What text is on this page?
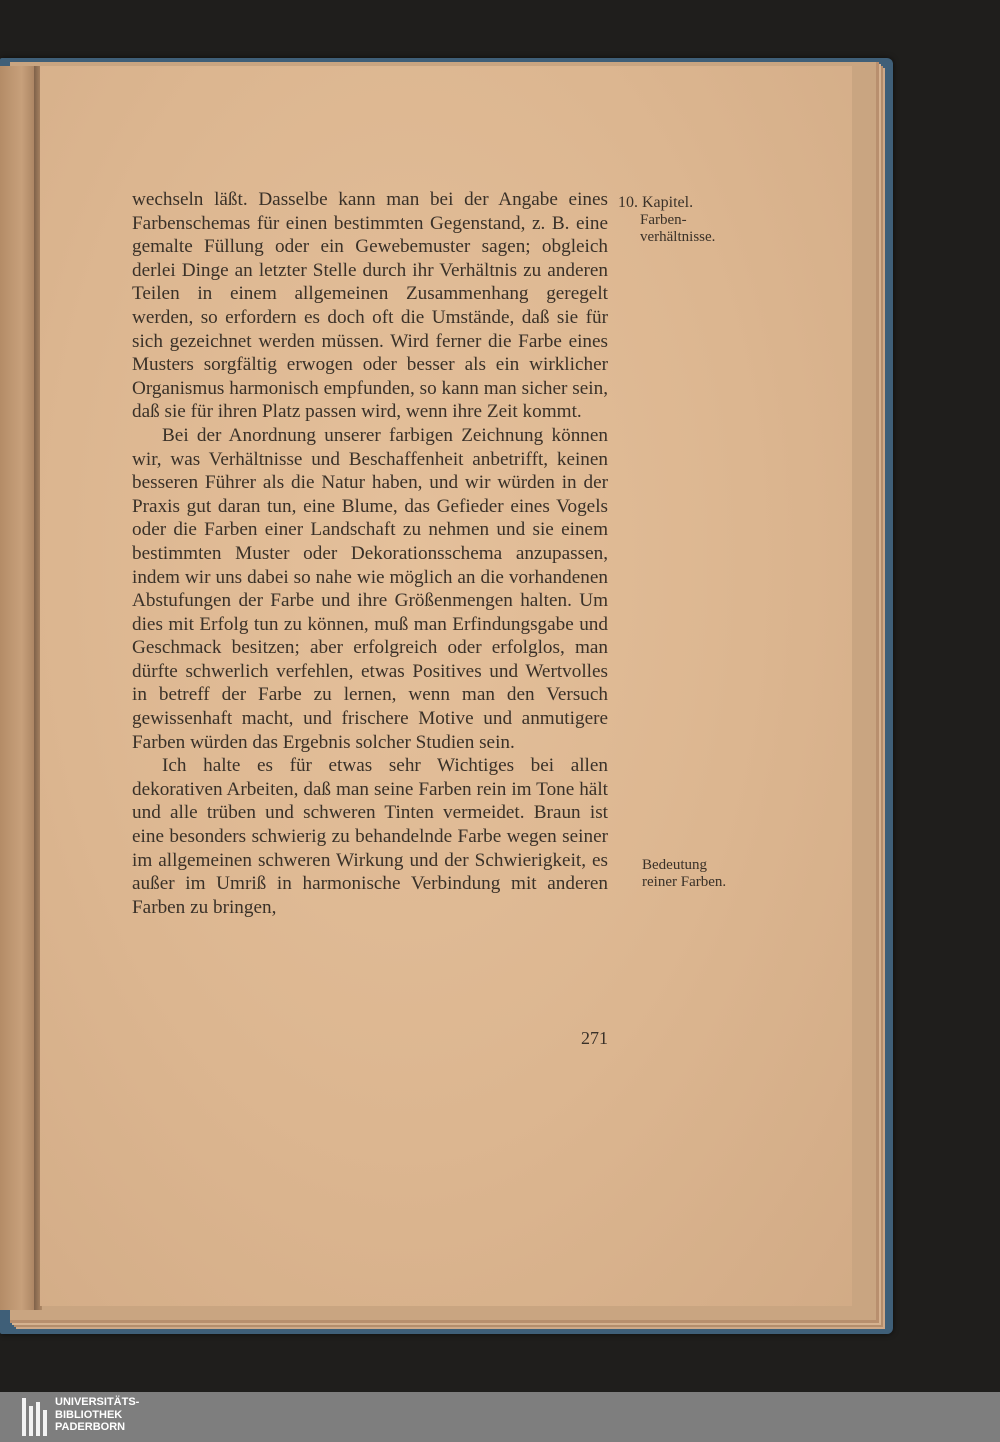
wechseln läßt. Dasselbe kann man bei der Angabe eines Farbenschemas für einen bestimmten Gegenstand, z. B. eine gemalte Füllung oder ein Gewebemuster sagen; obgleich derlei Dinge an letzter Stelle durch ihr Verhältnis zu anderen Teilen in einem allgemeinen Zusammenhang geregelt werden, so erfordern es doch oft die Umstände, daß sie für sich gezeichnet werden müssen. Wird ferner die Farbe eines Musters sorgfältig erwogen oder besser als ein wirklicher Organismus harmonisch empfunden, so kann man sicher sein, daß sie für ihren Platz passen wird, wenn ihre Zeit kommt.

Bei der Anordnung unserer farbigen Zeichnung können wir, was Verhältnisse und Beschaffenheit anbetrifft, keinen besseren Führer als die Natur haben, und wir würden in der Praxis gut daran tun, eine Blume, das Gefieder eines Vogels oder die Farben einer Landschaft zu nehmen und sie einem bestimmten Muster oder Dekorationsschema anzupassen, indem wir uns dabei so nahe wie möglich an die vorhandenen Abstufungen der Farbe und ihre Größenmengen halten. Um dies mit Erfolg tun zu können, muß man Erfindungsgabe und Geschmack besitzen; aber erfolgreich oder erfolglos, man dürfte schwerlich verfehlen, etwas Positives und Wertvolles in betreff der Farbe zu lernen, wenn man den Versuch gewissenhaft macht, und frischere Motive und anmutigere Farben würden das Ergebnis solcher Studien sein.

Ich halte es für etwas sehr Wichtiges bei allen dekorativen Arbeiten, daß man seine Farben rein im Tone hält und alle trüben und schweren Tinten vermeidet. Braun ist eine besonders schwierig zu behandelnde Farbe wegen seiner im allgemeinen schweren Wirkung und der Schwierigkeit, es außer im Umriß in harmonische Verbindung mit anderen Farben zu bringen,

10. Kapitel.
Farben-
verhältnisse.
Bedeutung
reiner Farben.
271
UNIVERSITÄTS-
BIBLIOTHEK
PADERBORN
